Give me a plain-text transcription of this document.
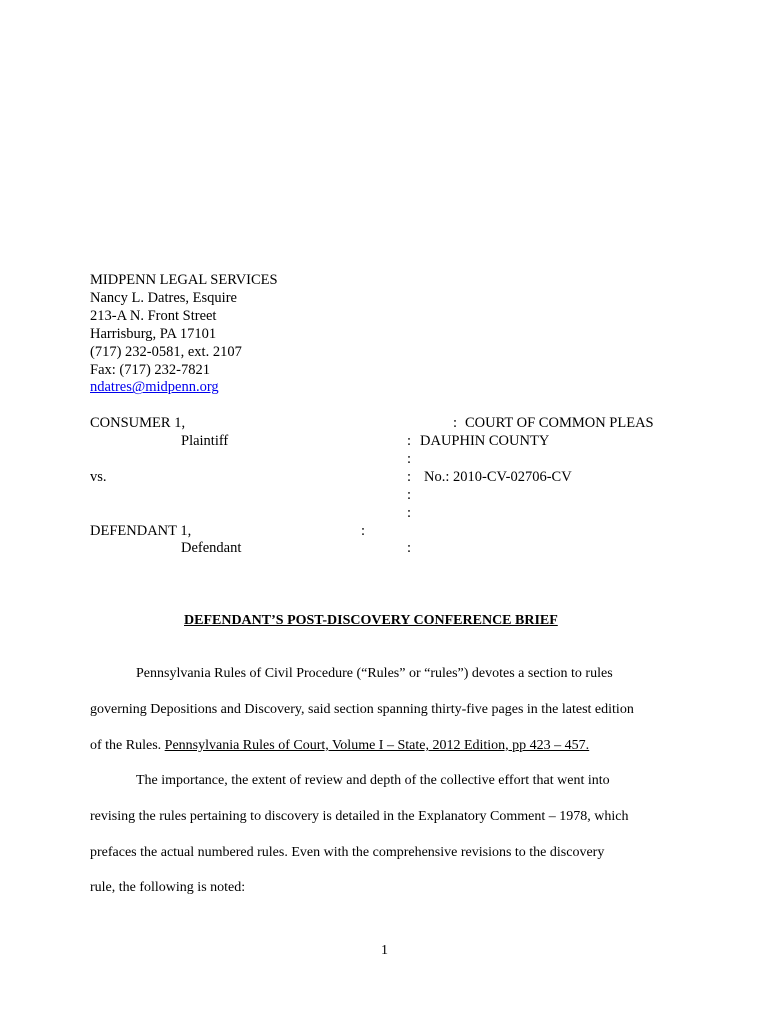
MIDPENN LEGAL SERVICES
Nancy L. Datres, Esquire
213-A N. Front Street
Harrisburg, PA 17101
(717) 232-0581, ext. 2107
Fax: (717) 232-7821
ndatres@midpenn.org
CONSUMER 1,
Plaintiff
vs.
DEFENDANT 1,
Defendant
:
:
:
:
:
:
:
:
COURT OF COMMON PLEAS
DAUPHIN COUNTY
No.: 2010-CV-02706-CV
DEFENDANT’S POST-DISCOVERY CONFERENCE BRIEF
Pennsylvania Rules of Civil Procedure (“Rules” or “rules”) devotes a section to rules
governing Depositions and Discovery, said section spanning thirty-five pages in the latest edition
of the Rules. Pennsylvania Rules of Court, Volume I – State, 2012 Edition, pp 423 – 457.
The importance, the extent of review and depth of the collective effort that went into
revising the rules pertaining to discovery is detailed in the Explanatory Comment – 1978, which
prefaces the actual numbered rules. Even with the comprehensive revisions to the discovery
rule, the following is noted:
1
